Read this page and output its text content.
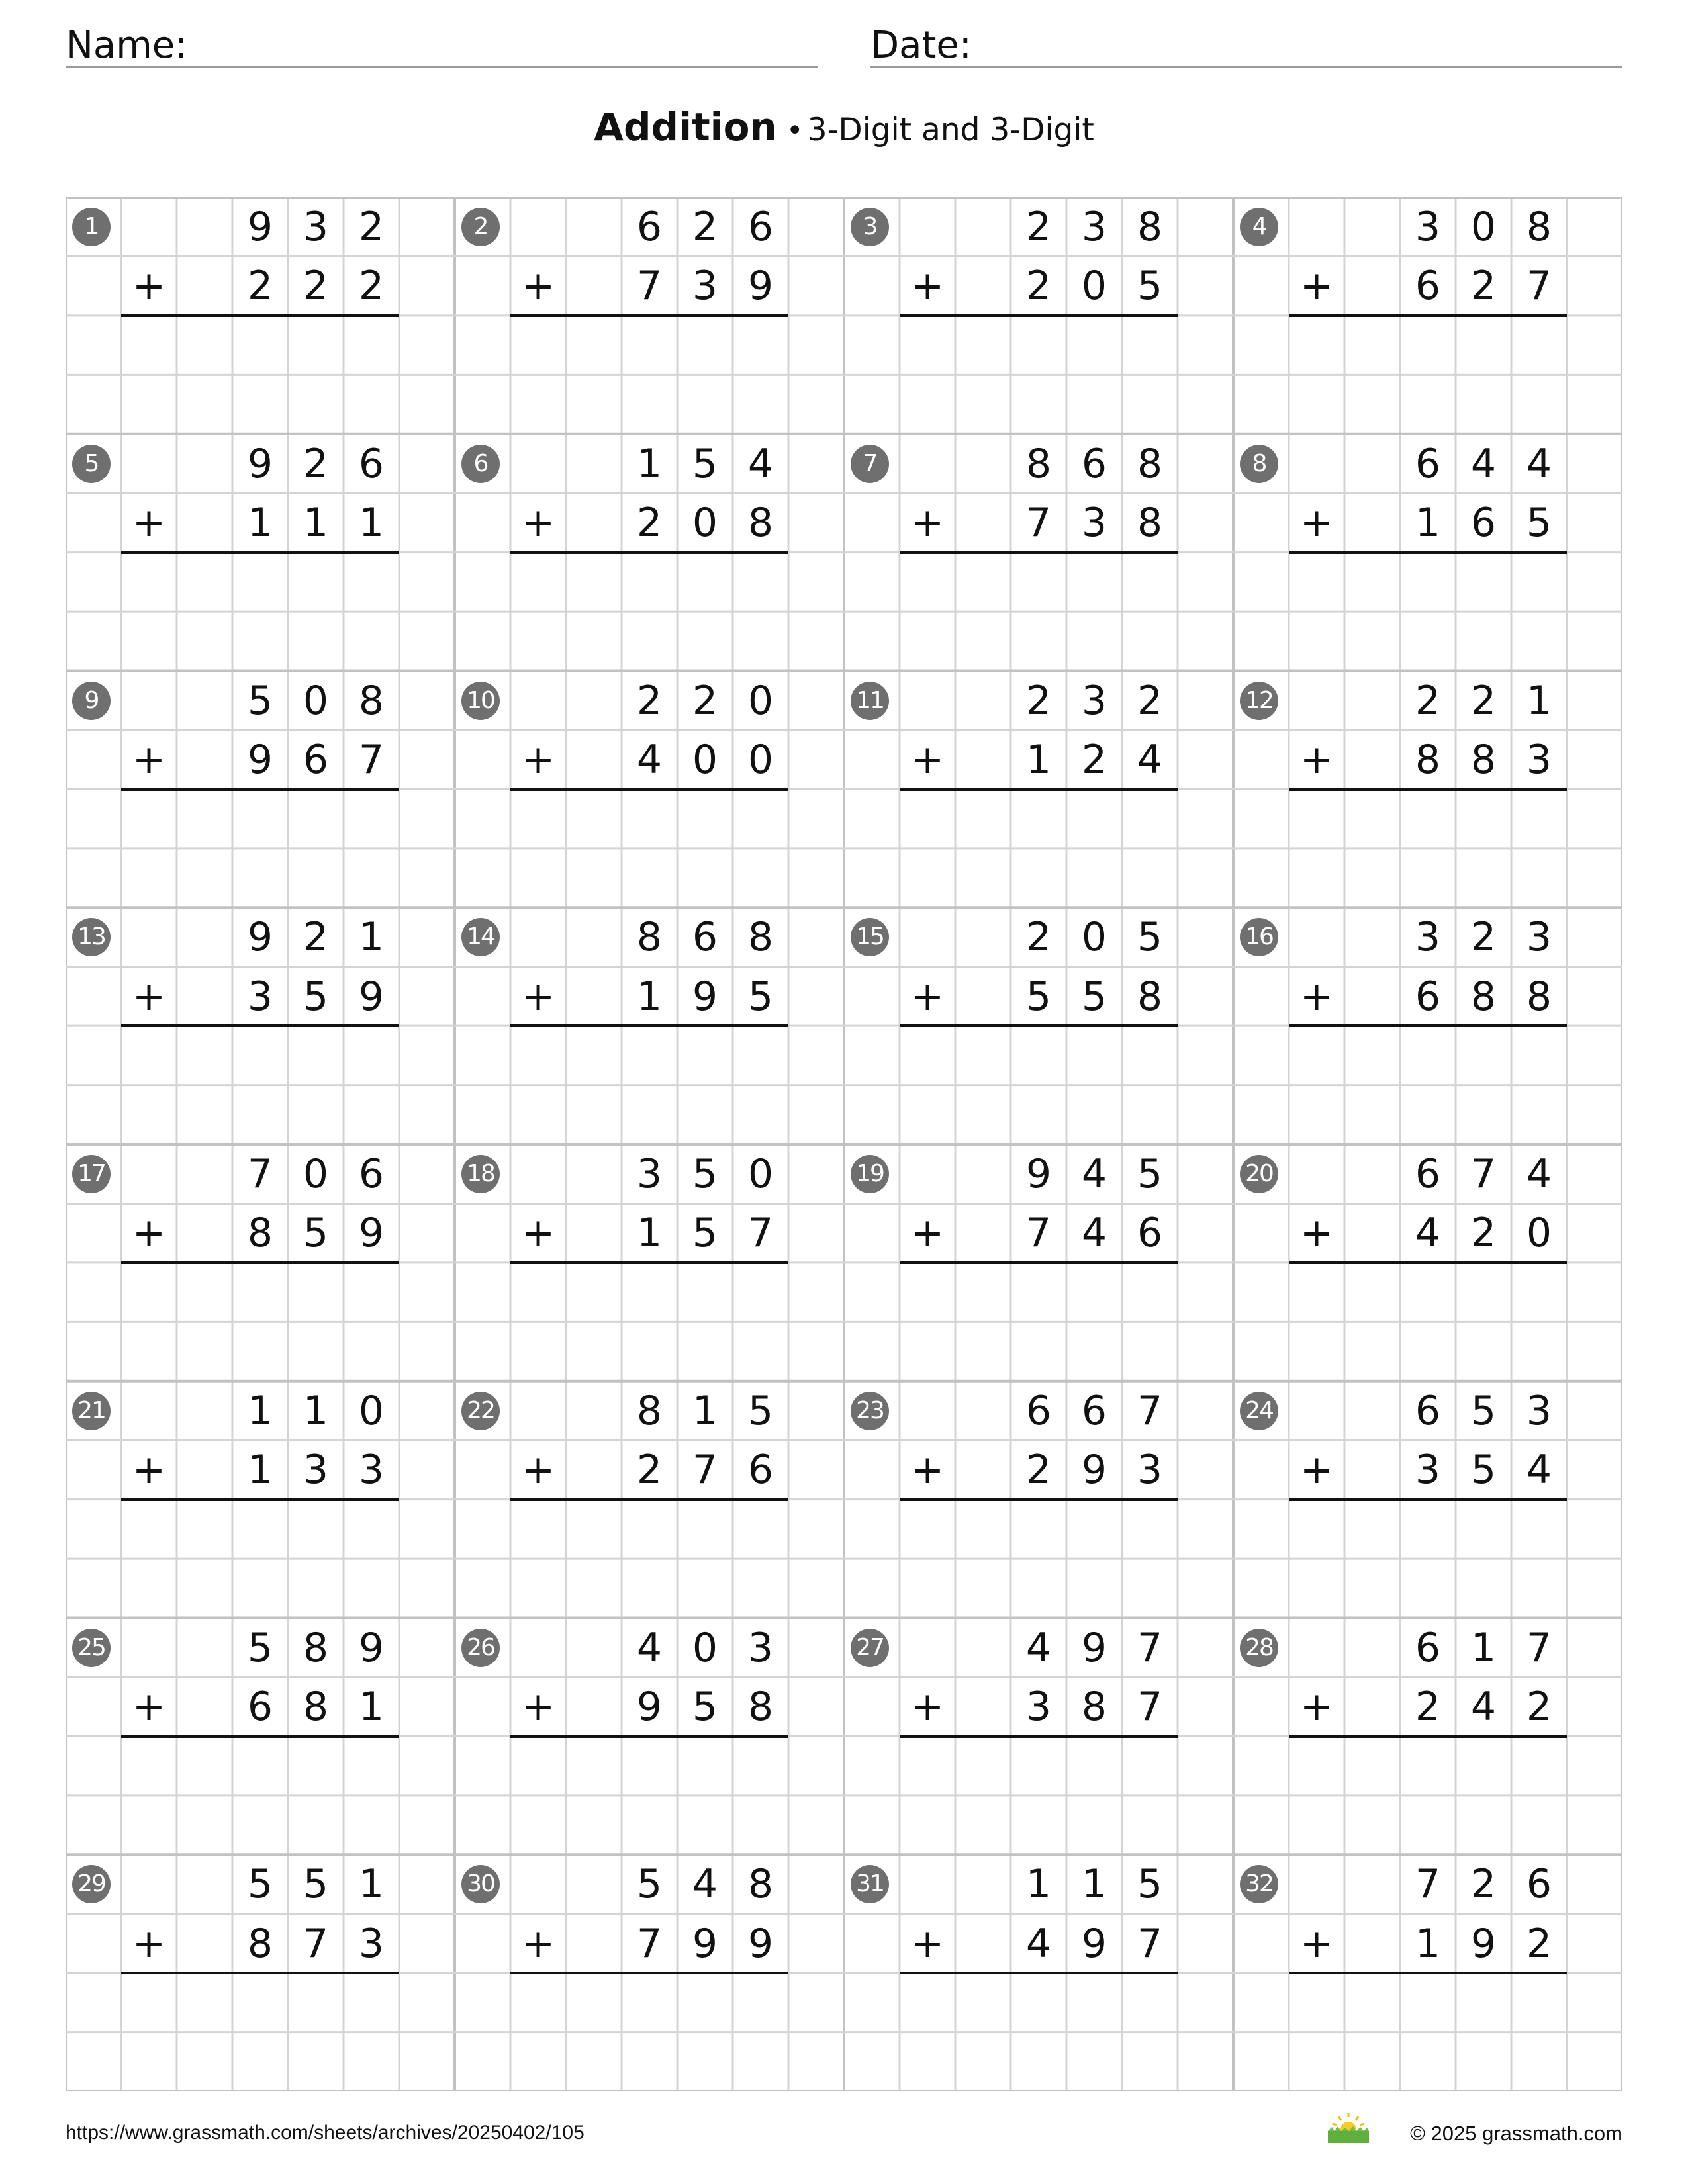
Name:	Date:
Addition • 3-Digit and 3-Digit
1	9 3 2
+	2 2 2
2	6 2 6
+	7 3 9
3	2 3 8
+	2 0 5
4	3 0 8
+	6 2 7
5	9 2 6
+	1 1 1
6	1 5 4
+	2 0 8
7	8 6 8
+	7 3 8
8	6 4 4
+	1 6 5
9	5 0 8
+	9 6 7
10	2 2 0
+	4 0 0
11	2 3 2
+	1 2 4
12	2 2 1
+	8 8 3
13	9 2 1
+	3 5 9
14	8 6 8
+	1 9 5
15	2 0 5
+	5 5 8
16	3 2 3
+	6 8 8
17	7 0 6
+	8 5 9
18	3 5 0
+	1 5 7
19	9 4 5
+	7 4 6
20	6 7 4
+	4 2 0
21	1 1 0
+	1 3 3
22	8 1 5
+	2 7 6
23	6 6 7
+	2 9 3
24	6 5 3
+	3 5 4
25	5 8 9
+	6 8 1
26	4 0 3
+	9 5 8
27	4 9 7
+	3 8 7
28	6 1 7
+	2 4 2
29	5 5 1
+	8 7 3
30	5 4 8
+	7 9 9
31	1 1 5
+	4 9 7
32	7 2 6
+	1 9 2
https://www.grassmath.com/sheets/archives/20250402/105	© 2025 grassmath.com
